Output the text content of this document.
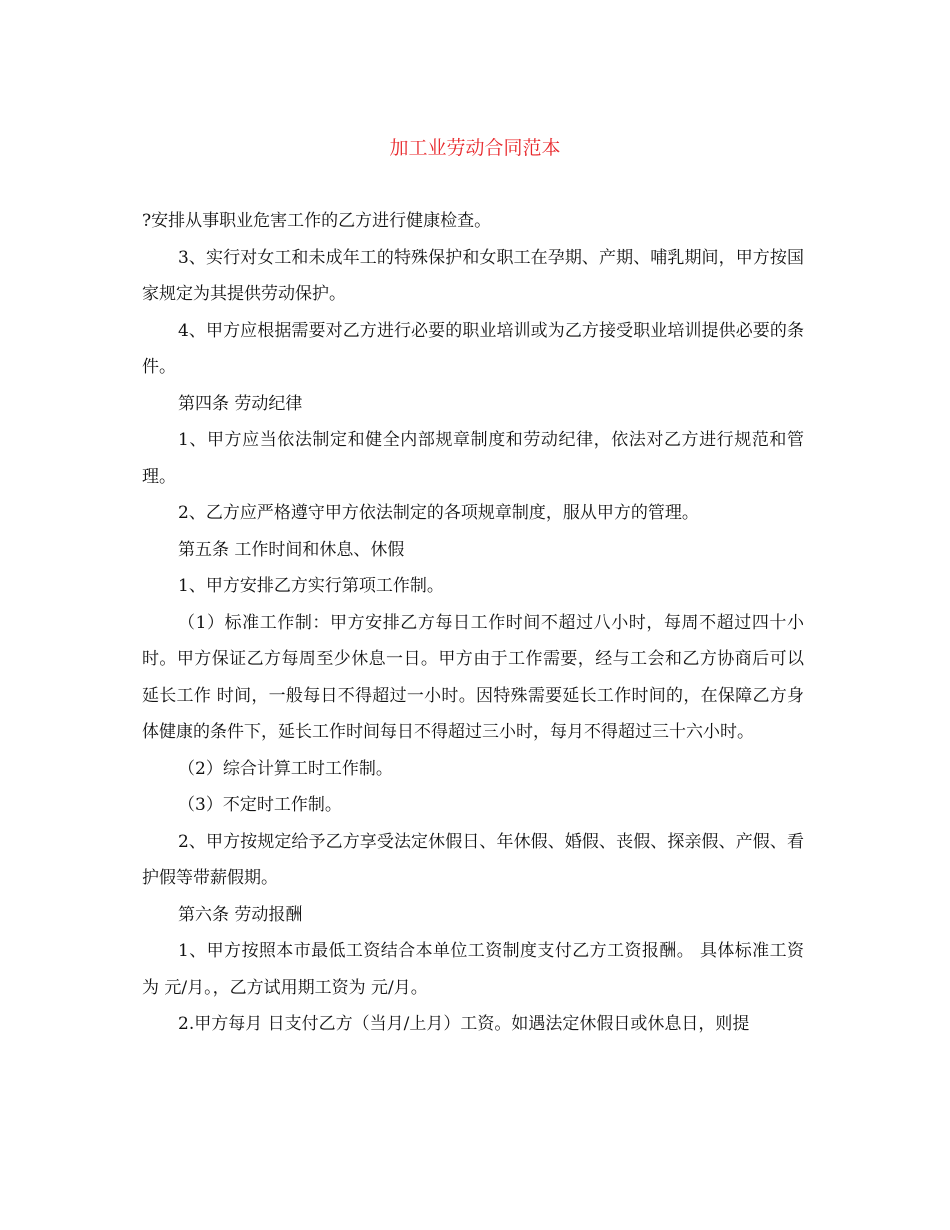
加工业劳动合同范本

?安排从事职业危害工作的乙方进行健康检查。

3、实行对女工和未成年工的特殊保护和女职工在孕期、产期、哺乳期间，甲方按国家规定为其提供劳动保护。

4、甲方应根据需要对乙方进行必要的职业培训或为乙方接受职业培训提供必要的条件。

第四条 劳动纪律

1、甲方应当依法制定和健全内部规章制度和劳动纪律，依法对乙方进行规范和管理。

2、乙方应严格遵守甲方依法制定的各项规章制度，服从甲方的管理。

第五条 工作时间和休息、休假

1、甲方安排乙方实行第项工作制。

（1）标准工作制：甲方安排乙方每日工作时间不超过八小时，每周不超过四十小时。甲方保证乙方每周至少休息一日。甲方由于工作需要，经与工会和乙方协商后可以延长工作 时间，一般每日不得超过一小时。因特殊需要延长工作时间的，在保障乙方身体健康的条件下，延长工作时间每日不得超过三小时，每月不得超过三十六小时。

（2）综合计算工时工作制。

（3）不定时工作制。

2、甲方按规定给予乙方享受法定休假日、年休假、婚假、丧假、探亲假、产假、看护假等带薪假期。

第六条 劳动报酬

1、甲方按照本市最低工资结合本单位工资制度支付乙方工资报酬。 具体标准工资为 元/月。，乙方试用期工资为 元/月。

2.甲方每月 日支付乙方（当月/上月）工资。如遇法定休假日或休息日，则提
